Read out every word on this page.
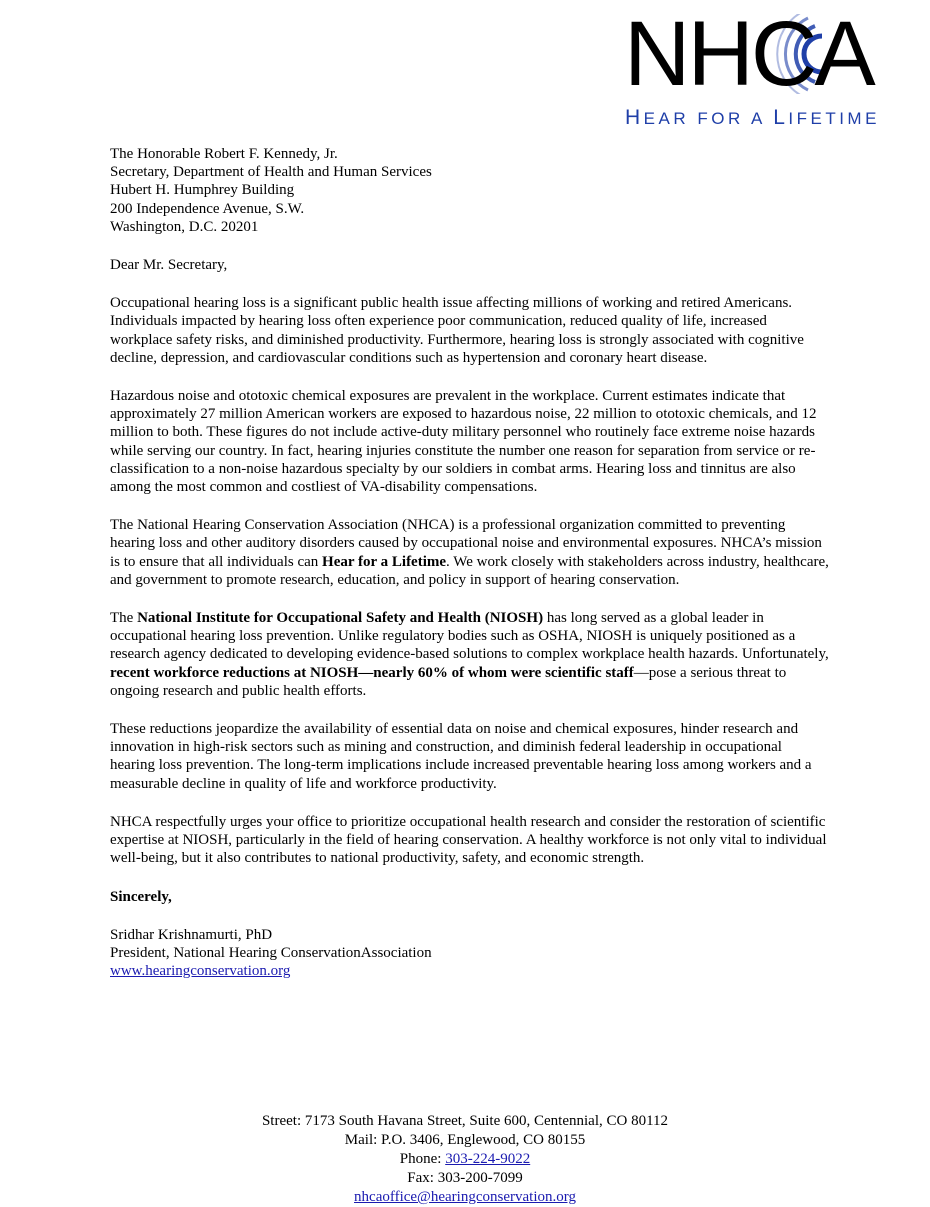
NHCA
HEAR FOR A LIFETIME
The Honorable Robert F. Kennedy, Jr.
Secretary, Department of Health and Human Services
Hubert H. Humphrey Building
200 Independence Avenue, S.W.
Washington, D.C. 20201
Dear Mr. Secretary,

Occupational hearing loss is a significant public health issue affecting millions of working and retired Americans. Individuals impacted by hearing loss often experience poor communication, reduced quality of life, increased workplace safety risks, and diminished productivity. Furthermore, hearing loss is strongly associated with cognitive decline, depression, and cardiovascular conditions such as hypertension and coronary heart disease.

Hazardous noise and ototoxic chemical exposures are prevalent in the workplace. Current estimates indicate that approximately 27 million American workers are exposed to hazardous noise, 22 million to ototoxic chemicals, and 12 million to both. These figures do not include active-duty military personnel who routinely face extreme noise hazards while serving our country. In fact, hearing injuries constitute the number one reason for separation from service or re-classification to a non-noise hazardous specialty by our soldiers in combat arms. Hearing loss and tinnitus are also among the most common and costliest of VA-disability compensations.

The National Hearing Conservation Association (NHCA) is a professional organization committed to preventing hearing loss and other auditory disorders caused by occupational noise and environmental exposures. NHCA’s mission is to ensure that all individuals can Hear for a Lifetime. We work closely with stakeholders across industry, healthcare, and government to promote research, education, and policy in support of hearing conservation.

The National Institute for Occupational Safety and Health (NIOSH) has long served as a global leader in occupational hearing loss prevention. Unlike regulatory bodies such as OSHA, NIOSH is uniquely positioned as a research agency dedicated to developing evidence-based solutions to complex workplace health hazards. Unfortunately, recent workforce reductions at NIOSH—nearly 60% of whom were scientific staff—pose a serious threat to ongoing research and public health efforts.

These reductions jeopardize the availability of essential data on noise and chemical exposures, hinder research and innovation in high-risk sectors such as mining and construction, and diminish federal leadership in occupational hearing loss prevention. The long-term implications include increased preventable hearing loss among workers and a measurable decline in quality of life and workforce productivity.

NHCA respectfully urges your office to prioritize occupational health research and consider the restoration of scientific expertise at NIOSH, particularly in the field of hearing conservation. A healthy workforce is not only vital to individual well-being, but it also contributes to national productivity, safety, and economic strength.

Sincerely,
Sridhar Krishnamurti, PhD
President, National Hearing ConservationAssociation
www.hearingconservation.org
Street: 7173 South Havana Street, Suite 600, Centennial, CO 80112
Mail: P.O. 3406, Englewood, CO 80155
Phone: 303-224-9022
Fax: 303-200-7099
nhcaoffice@hearingconservation.org
